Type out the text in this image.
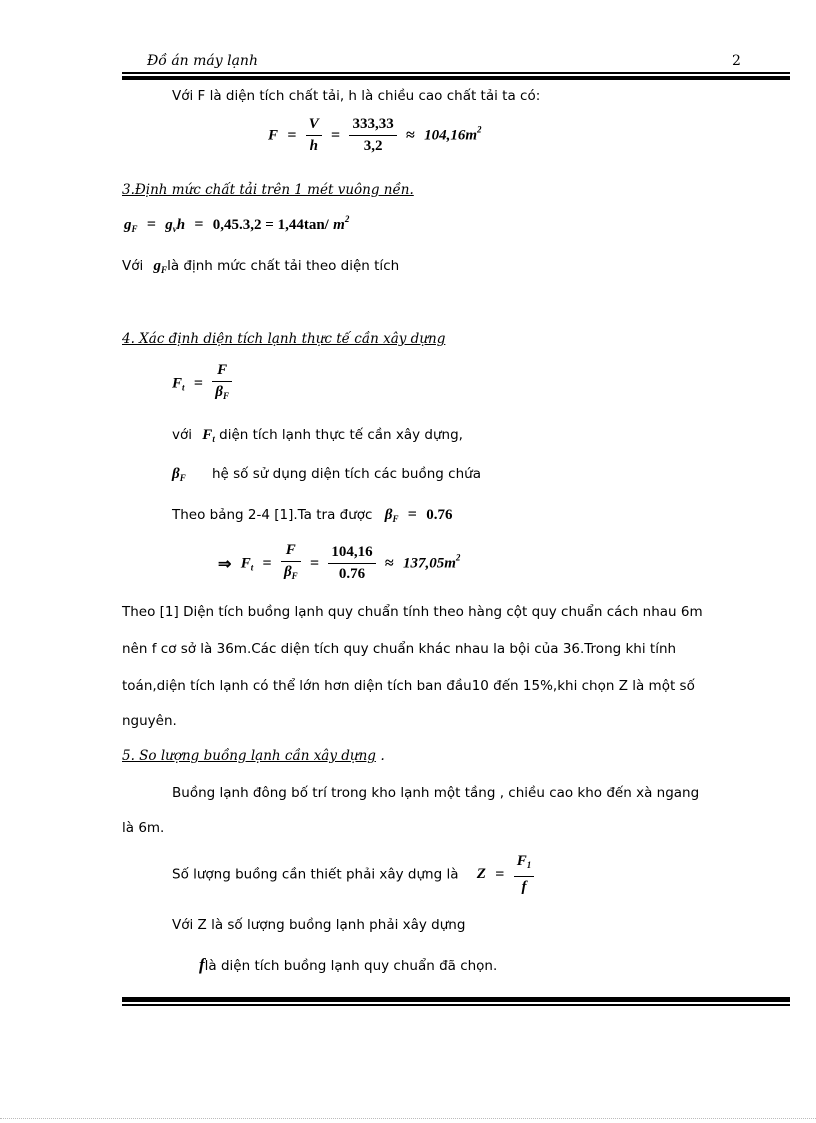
Đồ án máy lạnh	2
Với F là diện tích chất tải, h là chiều cao chất tải ta có:
$F = \frac{V}{h} = \frac{333,33}{3,2} \approx 104,16m^2$
3.Định mức chất tải trên 1 mét vuông nền.
$g_F = g_vh = 0,45.3,2 = 1,44\tan/$ $m^2$
Với $g_Flà$ định mức chất tải theo diện tích
4. Xác định diện tích lạnh thực tế cần xây dựng
$F_t = \frac{F}{\beta_F}$
với $F_t$ diện tích lạnh thực tế cần xây dựng,
$\beta_F$ hệ số sử dụng diện tích các buồng chứa
Theo bảng 2-4 [1].Ta tra được $\beta_F = 0.76$
⇒ $F_t = \frac{F}{\beta_F} = \frac{104,16}{0.76} \approx 137,05m^2$
Theo [1] Diện tích buồng lạnh quy chuẩn tính theo hàng cột quy chuẩn cách nhau 6m
nên f cơ sở là 36m.Các diện tích quy chuẩn khác nhau la bội của 36.Trong khi tính
toán,diện tích lạnh có thể lớn hơn diện tích ban đầu10 đến 15%,khi chọn Z là một số
nguyên.
5. So lượng buồng lạnh cần xây dựng .
Buồng lạnh đông bố trí trong kho lạnh một tầng , chiều cao kho đến xà ngang
là 6m.
Số lượng buồng cần thiết phải xây dựng là $Z = \frac{F_1}{f}$
Với Z là số lượng buồng lạnh phải xây dựng
flà diện tích buồng lạnh quy chuẩn đã chọn.
